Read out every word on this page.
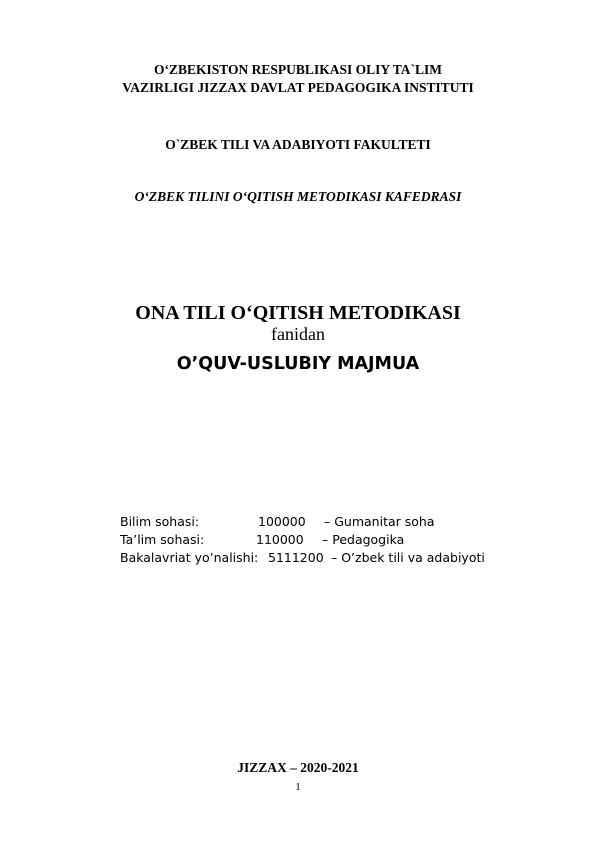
O‘ZBEKISTON RESPUBLIKASI OLIY TA`LIM
VAZIRLIGI JIZZAX DAVLAT PEDAGOGIKA INSTITUTI
O`ZBEK TILI VA ADABIYOTI FAKULTETI
O‘ZBEK TILINI O‘QITISH METODIKASI KAFEDRASI
ONA TILI O‘QITISH METODIKASI
fanidan
O’QUV-USLUBIY MAJMUA
Bilim sohasi:	100000 – Gumanitar soha
Ta’lim sohasi:	110000 – Pedagogika
Bakalavriat yo’nalishi: 5111200 – O’zbek tili va adabiyoti
JIZZAX – 2020-2021
1
